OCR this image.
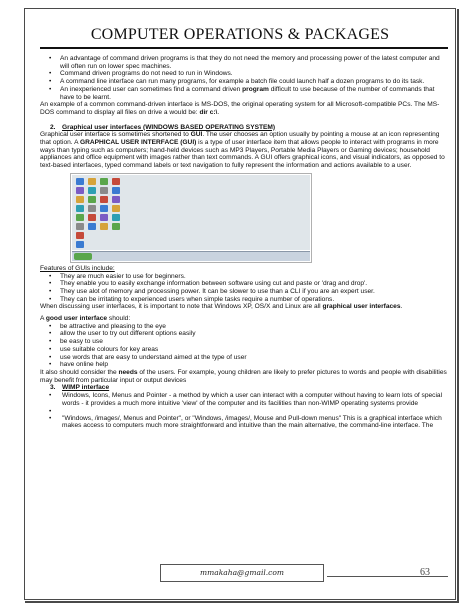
COMPUTER OPERATIONS & PACKAGES
• An advantage of command driven programs is that they do not need the memory and processing power of the latest computer and will often run on lower spec machines.
• Command driven programs do not need to run in Windows.
• A command line interface can run many programs, for example a batch file could launch half a dozen programs to do its task.
• An inexperienced user can sometimes find a command driven program difficult to use because of the number of commands that have to be learnt.

An example of a common command-driven interface is MS-DOS, the original operating system for all Microsoft-compatible PCs. The MS-DOS command to display all files on drive a would be: dir c:\.

2. Graphical user interfaces (WINDOWS BASED OPERATING SYSTEM)

Graphical user interface is sometimes shortened to GUI. The user chooses an option usually by pointing a mouse at an icon representing that option. A GRAPHICAL USER INTERFACE (GUI) is a type of user interface item that allows people to interact with programs in more ways than typing such as computers; hand-held devices such as MP3 Players, Portable Media Players or Gaming devices; household appliances and office equipment with images rather than text commands. A GUI offers graphical icons, and visual indicators, as opposed to text-based interfaces, typed command labels or text navigation to fully represent the information and actions available to a user.

Features of GUIs include:

• They are much easier to use for beginners.
• They enable you to easily exchange information between software using cut and paste or 'drag and drop'.
• They use alot of memory and processing power. It can be slower to use than a CLI if you are an expert user.
• They can be irritating to experienced users when simple tasks require a number of operations.

When discussing user interfaces, it is important to note that Windows XP, OS/X and Linux are all graphical user interfaces.

A good user interface should:

• be attractive and pleasing to the eye
• allow the user to try out different options easily
• be easy to use
• use suitable colours for key areas
• use words that are easy to understand aimed at the type of user
• have online help

It also should consider the needs of the users. For example, young children are likely to prefer pictures to words and people with disabilities may benefit from particular input or output devices

3. WIMP interface
• Windows, Icons, Menus and Pointer - a method by which a user can interact with a computer without having to learn lots of special words - it provides a much more intuitive 'view' of the computer and its facilities than non-WIMP operating systems provide
•
• "Windows, /images/, Menus and Pointer", or "Windows, /images/, Mouse and Pull-down menus" This is a graphical interface which makes access to computers much more straightforward and intuitive than the main alternative, the command-line interface. The
mmakaha@gmail.com	63
